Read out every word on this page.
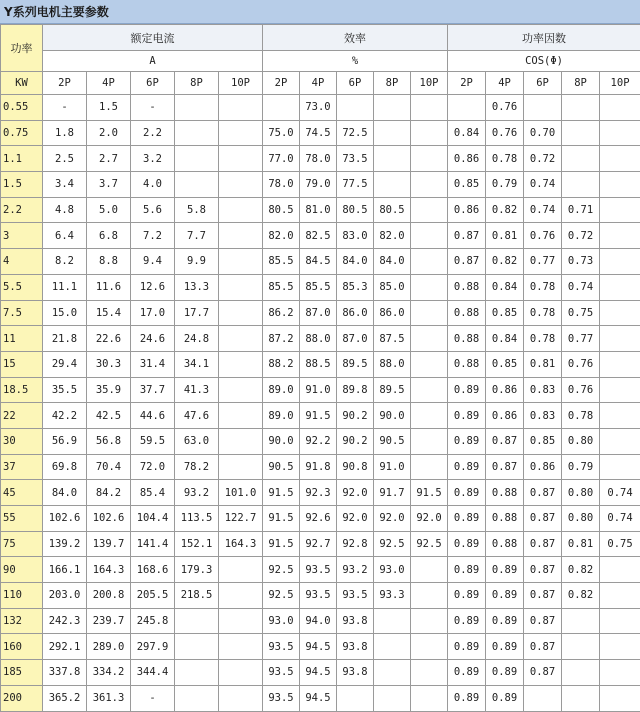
Y系列电机主要参数
功率	额定电流					效率					功率因数				
	A					%					COS(Φ)				
KW	2P	4P	6P	8P	10P	2P	4P	6P	8P	10P	2P	4P	6P	8P	10P
0.55	-	1.5	-				73.0					0.76			
0.75	1.8	2.0	2.2			75.0	74.5	72.5			0.84	0.76	0.70		
1.1	2.5	2.7	3.2			77.0	78.0	73.5			0.86	0.78	0.72		
1.5	3.4	3.7	4.0			78.0	79.0	77.5			0.85	0.79	0.74		
2.2	4.8	5.0	5.6	5.8		80.5	81.0	80.5	80.5		0.86	0.82	0.74	0.71	
3	6.4	6.8	7.2	7.7		82.0	82.5	83.0	82.0		0.87	0.81	0.76	0.72	
4	8.2	8.8	9.4	9.9		85.5	84.5	84.0	84.0		0.87	0.82	0.77	0.73	
5.5	11.1	11.6	12.6	13.3		85.5	85.5	85.3	85.0		0.88	0.84	0.78	0.74	
7.5	15.0	15.4	17.0	17.7		86.2	87.0	86.0	86.0		0.88	0.85	0.78	0.75	
11	21.8	22.6	24.6	24.8		87.2	88.0	87.0	87.5		0.88	0.84	0.78	0.77	
15	29.4	30.3	31.4	34.1		88.2	88.5	89.5	88.0		0.88	0.85	0.81	0.76	
18.5	35.5	35.9	37.7	41.3		89.0	91.0	89.8	89.5		0.89	0.86	0.83	0.76	
22	42.2	42.5	44.6	47.6		89.0	91.5	90.2	90.0		0.89	0.86	0.83	0.78	
30	56.9	56.8	59.5	63.0		90.0	92.2	90.2	90.5		0.89	0.87	0.85	0.80	
37	69.8	70.4	72.0	78.2		90.5	91.8	90.8	91.0		0.89	0.87	0.86	0.79	
45	84.0	84.2	85.4	93.2	101.0	91.5	92.3	92.0	91.7	91.5	0.89	0.88	0.87	0.80	0.74
55	102.6	102.6	104.4	113.5	122.7	91.5	92.6	92.0	92.0	92.0	0.89	0.88	0.87	0.80	0.74
75	139.2	139.7	141.4	152.1	164.3	91.5	92.7	92.8	92.5	92.5	0.89	0.88	0.87	0.81	0.75
90	166.1	164.3	168.6	179.3		92.5	93.5	93.2	93.0		0.89	0.89	0.87	0.82	
110	203.0	200.8	205.5	218.5		92.5	93.5	93.5	93.3		0.89	0.89	0.87	0.82	
132	242.3	239.7	245.8			93.0	94.0	93.8			0.89	0.89	0.87		
160	292.1	289.0	297.9			93.5	94.5	93.8			0.89	0.89	0.87		
185	337.8	334.2	344.4			93.5	94.5	93.8			0.89	0.89	0.87		
200	365.2	361.3	-			93.5	94.5				0.89	0.89			
